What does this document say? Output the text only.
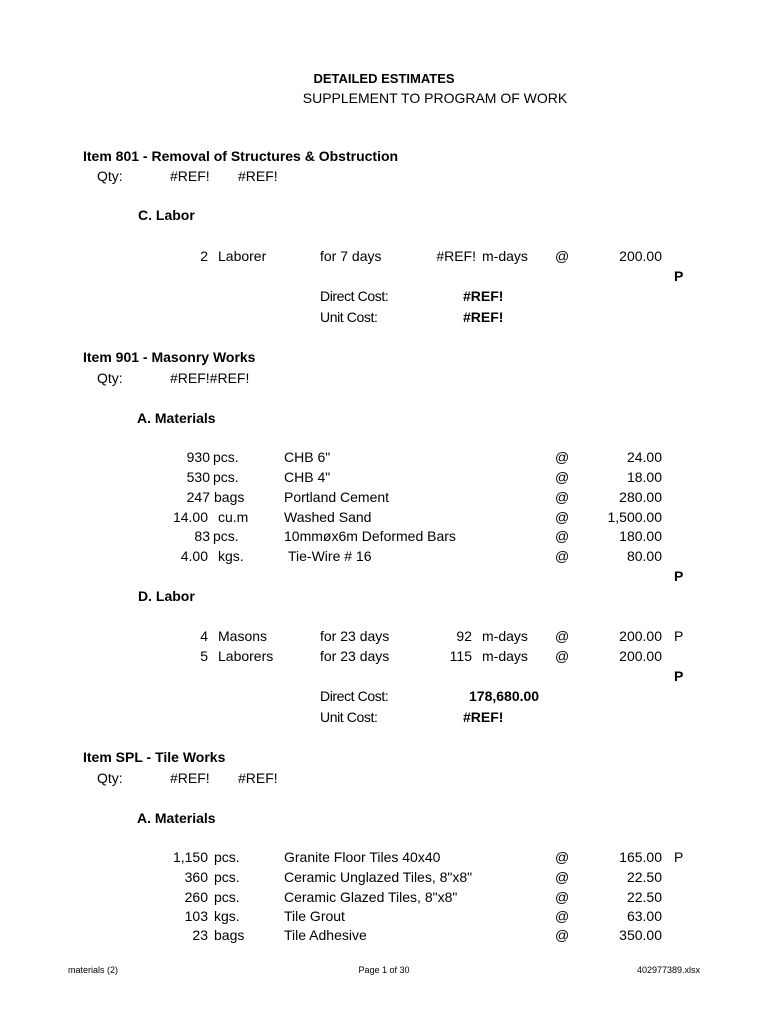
DETAILED ESTIMATES
SUPPLEMENT TO PROGRAM OF WORK
Item 801 - Removal of Structures & Obstruction
Qty:	#REF! #REF!
C. Labor
2 Laborer	for 7 days	#REF! m-days @	200.00
P
Direct Cost:	#REF!
Unit Cost:	#REF!
Item 901 - Masonry Works
Qty:	#REF!#REF!
A. Materials
930 pcs.	CHB 6"	@	24.00
530 pcs.	CHB 4"	@	18.00
247 bags	Portland Cement	@	280.00
14.00 cu.m	Washed Sand	@	1,500.00
83 pcs.	10mmøx6m Deformed Bars	@	180.00
4.00 kgs.	Tie-Wire # 16	@	80.00
P
D. Labor
4 Masons	for 23 days	92 m-days @	200.00 P
5 Laborers	for 23 days	115 m-days @	200.00
P
Direct Cost:	178,680.00
Unit Cost:	#REF!
Item SPL - Tile Works
Qty:	#REF! #REF!
A. Materials
1,150 pcs.	Granite Floor Tiles 40x40	@	165.00 P
360 pcs.	Ceramic Unglazed Tiles, 8"x8"	@	22.50
260 pcs.	Ceramic Glazed Tiles, 8"x8"	@	22.50
103 kgs.	Tile Grout	@	63.00
23 bags	Tile Adhesive	@	350.00
materials (2)	Page 1 of 30	402977389.xlsx
